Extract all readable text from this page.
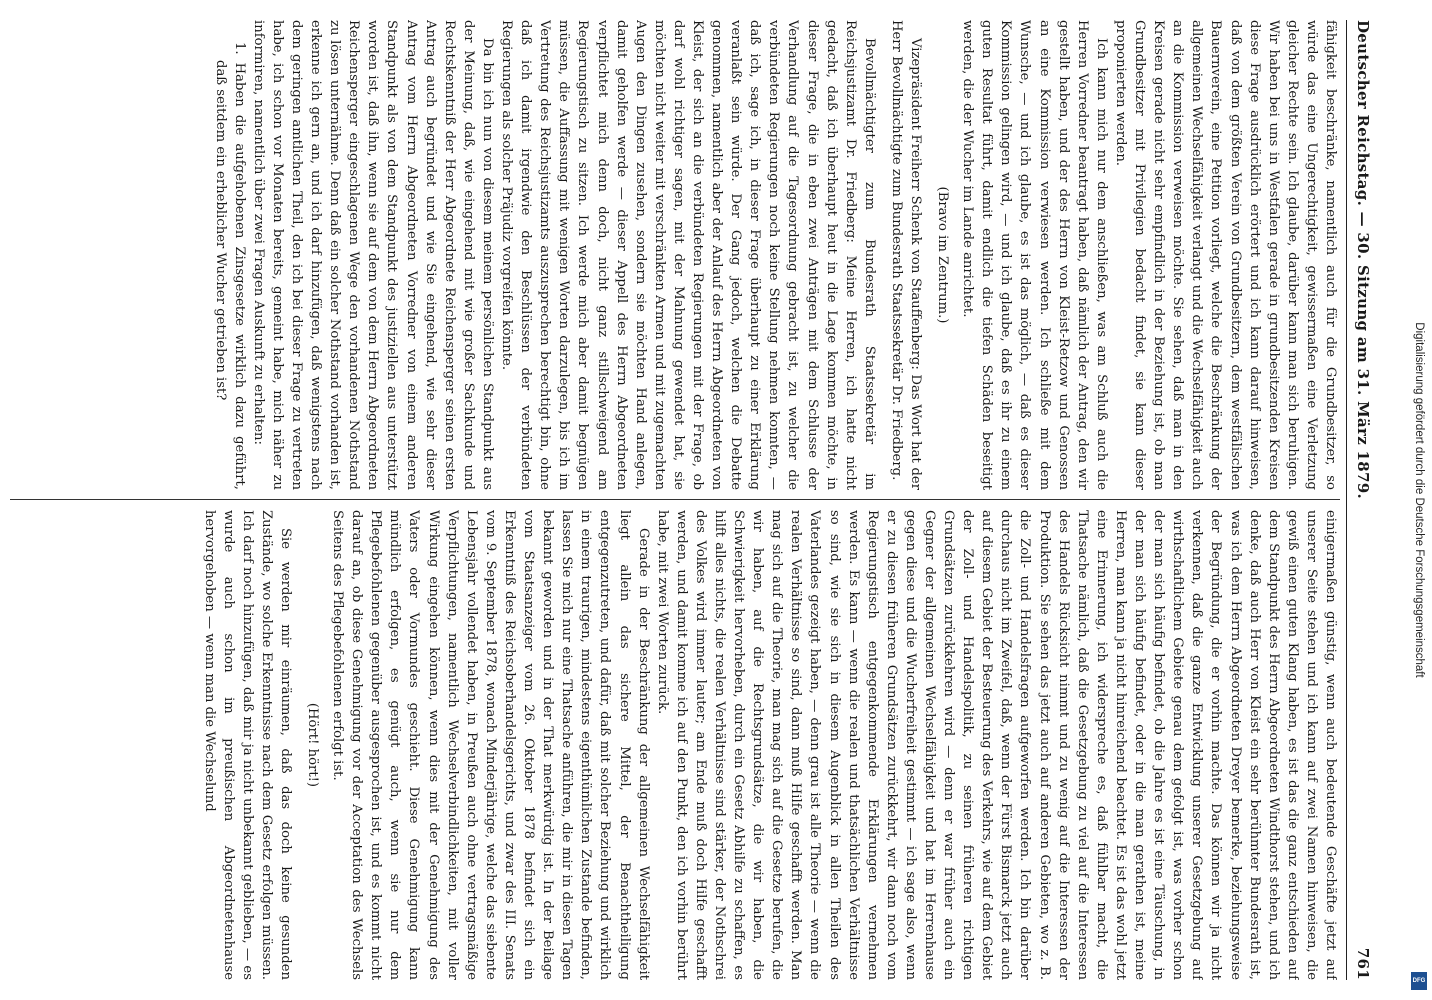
Deutscher Reichstag. — 30. Sitzung am 31. März 1879.
761

fähigkeit beschränke, namentlich auch für die Grundbesitzer, so würde das eine Ungerechtigkeit, gewissermaßen eine Verletzung gleicher Rechte sein. Ich glaube, darüber kann man sich beruhigen. Wir haben bei uns in Westfalen gerade in grundbesitzenden Kreisen diese Frage ausdrücklich erörtert und ich kann darauf hinweisen, daß von dem größten Verein von Grundbesitzern, dem westfälischen Bauernverein, eine Petition vorliegt, welche die Beschränkung der allgemeinen Wechselfähigkeit verlangt und die Wechselfähigkeit auch an die Kommission verweisen möchte. Sie sehen, daß man in den Kreisen gerade nicht sehr empfindlich in der Beziehung ist, ob man Grundbesitzer mit Privilegien bedacht findet, sie kann dieser proponierten werden.

Ich kann mich nur dem anschließen, was am Schluß auch die Herren Vorredner beantragt haben, daß nämlich der Antrag, den wir gestellt haben, und der des Herrn von Kleist-Retzow und Genossen an eine Kommission verwiesen werden. Ich schließe mit dem Wunsche, — und ich glaube, es ist das möglich, — daß es dieser Kommission gelingen wird, — und ich glaube, daß es ihr zu einem guten Resultat führt, damit endlich die tiefen Schäden beseitigt werden, die der Wucher im Lande anrichtet.

(Bravo im Zentrum.)

Vizepräsident Freiherr Schenk von Stauffenberg: Das Wort hat der Herr Bevollmächtigte zum Bundesrath Staatssekretär Dr. Friedberg.

Bevollmächtigter zum Bundesrath Staatssekretär im Reichsjustizamt Dr. Friedberg: Meine Herren, ich hatte nicht gedacht, daß ich überhaupt heut in die Lage kommen möchte, in dieser Frage, die in eben zwei Anträgen mit dem Schlusse der Verhandlung auf die Tagesordnung gebracht ist, zu welcher die verbündeten Regierungen noch keine Stellung nehmen konnten, — daß ich, sage ich, in dieser Frage überhaupt zu einer Erklärung veranlaßt sein würde. Der Gang jedoch, welchen die Debatte genommen, namentlich aber der Anlauf des Herrn Abgeordneten von Kleist, der sich an die verbündeten Regierungen mit der Frage, ob darf wohl richtiger sagen, mit der Mahnung gewendet hat, sie möchten nicht weiter mit verschränkten Armen und mit zugemachten Augen den Dingen zusehen, sondern sie möchten Hand anlegen, damit geholfen werde — dieser Appell des Herrn Abgeordneten verpflichtet mich denn doch, nicht ganz stillschweigend am Regierungstisch zu sitzen. Ich werde mich aber damit begnügen müssen, die Auffassung mit wenigen Worten darzulegen, bis ich im Vertretung des Reichsjustizamts auszusprechen berechtigt bin, ohne daß ich damit irgendwie den Beschlüssen der verbündeten Regierungen als solcher Präjudiz vorgreifen könnte.

Da bin ich nun von diesem meinem persönlichen Standpunkt aus der Meinung, daß, wie eingehend mit wie großer Sachkunde und Rechtskenntniß der Herr Abgeordnete Reichensperger seinen ersten Antrag auch begründet und wie Sie eingehend, wie sehr dieser Antrag vom Herrn Abgeordneten Vorredner von einem anderen Standpunkt als von dem Standpunkt des justiziellen aus unterstützt worden ist, daß ihn, wenn sie auf dem von dem Herrn Abgeordneten Reichensperger eingeschlagenen Wege den vorhandenen Nothstand zu lösen unternähme. Denn daß ein solcher Nothstand vorhanden ist, erkenne ich gern an, und ich darf hinzufügen, daß wenigstens nach dem geringen amtlichen Theil, den ich bei dieser Frage zu vertreten habe, ich schon vor Monaten bereits, gemeint habe, mich näher zu informiren, namentlich über zwei Fragen Auskunft zu erhalten:

1. Haben die aufgehobenen Zinsgesetze wirklich dazu geführt, daß seitdem ein erheblicher Wucher getrieben ist?

einigermaßen günstig, wenn auch bedeutende Geschäfte jetzt auf unserer Seite stehen und ich kann auf zwei Namen hinweisen, die gewiß einen guten Klang haben, es ist das die ganz entschieden auf dem Standpunkt des Herrn Abgeordneten Windthorst stehen, und ich denke, daß auch Herr von Kleist ein sehr berühmter Bundesrath ist, was ich dem Herrn Abgeordneten Dreyer bemerke, beziehungsweise der Begründung, die er vorhin machte. Das können wir ja nicht verkennen, daß die ganze Entwicklung unserer Gesetzgebung auf wirthschaftlichem Gebiete genau dem gefolgt ist, was vorher schon der man sich häufig befindet, ob die Jahre es ist eine Täuschung, in der man sich häufig befindet, oder in die man gerathen ist, meine Herren, man kann ja nicht hinreichend beachtet. Es ist das wohl jetzt eine Erinnerung, ich widerspreche es, daß fühlbar macht, die Thatsache nämlich, daß die Gesetzgebung zu viel auf die Interessen des Handels Rücksicht nimmt und zu wenig auf die Interessen der Produktion. Sie sehen das jetzt auch auf anderen Gebieten, wo z. B. die Zoll- und Handelsfragen aufgeworfen werden. Ich bin darüber durchaus nicht im Zweifel, daß, wenn der Fürst Bismarck jetzt auch auf diesem Gebiet der Besteuerung des Verkehrs, wie auf dem Gebiet der Zoll- und Handelspolitik, zu seinen früheren richtigen Grundsätzen zurückkehren wird — denn er war früher auch ein Gegner der allgemeinen Wechselfähigkeit und hat im Herrenhause gegen diese und die Wucherfreiheit gestimmt — ich sage also, wenn er zu diesen früheren Grundsätzen zurückkehrt, wir dann noch vom Regierungstisch entgegenkommende Erklärungen vernehmen werden. Es kann — wenn die realen und thatsächlichen Verhältnisse so sind, wie sie sich in diesem Augenblick in allen Theilen des Vaterlandes gezeigt haben, — denn grau ist alle Theorie — wenn die realen Verhältnisse so sind, dann muß Hilfe geschafft werden. Man mag sich auf die Theorie, man mag sich auf die Gesetze berufen, die wir haben, auf die Rechtsgrundsätze, die wir haben, die Schwierigkeit hervorheben, durch ein Gesetz Abhilfe zu schaffen, es hilft alles nichts, die realen Verhältnisse sind stärker, der Nothschrei des Volkes wird immer lauter; am Ende muß doch Hilfe geschafft werden, und damit komme ich auf den Punkt, den ich vorhin berührt habe, mit zwei Worten zurück.

Gerade in der Beschränkung der allgemeinen Wechselfähigkeit liegt allein das sichere Mittel, der Benachtheiligung entgegenzutreten, und dafür, daß mit solcher Beziehung und wirklich in einem traurigen, mindestens eigenthümlichen Zustande befinden, lassen Sie mich nur eine Thatsache anführen, die mir in diesen Tagen bekannt geworden und in der That merkwürdig ist. In der Beilage vom Staatsanzeiger vom 26. Oktober 1878 befindet sich ein Erkenntniß des Reichsoberhandelsgerichts, und zwar des III. Senats vom 9. September 1878, wonach Minderjährige, welche das siebente Lebensjahr vollendet haben, in Preußen auch ohne vertragsmäßige Verpflichtungen, namentlich Wechselverbindlichkeiten, mit voller Wirkung eingehen können, wenn dies mit der Genehmigung des Vaters oder Vormundes geschieht. Diese Genehmigung kann mündlich erfolgen, es genügt auch, wenn sie nur dem Pflegebefohlenen gegenüber ausgesprochen ist, und es kommt nicht darauf an, ob diese Genehmigung vor der Acceptation des Wechsels Seitens des Pflegebefohlenen erfolgt ist.

(Hört! hört!)

Sie werden mir einräumen, daß das doch keine gesunden Zustände, wo solche Erkenntnisse nach dem Gesetz erfolgen müssen. Ich darf noch hinzufügen, daß mir ja nicht unbekannt geblieben, — es wurde auch schon im preußischen Abgeordnetenhause hervorgehoben — wenn man die Wechselund	Digitalisierung gefördert durch die Deutsche Forschungsgemeinschaft
DFG
